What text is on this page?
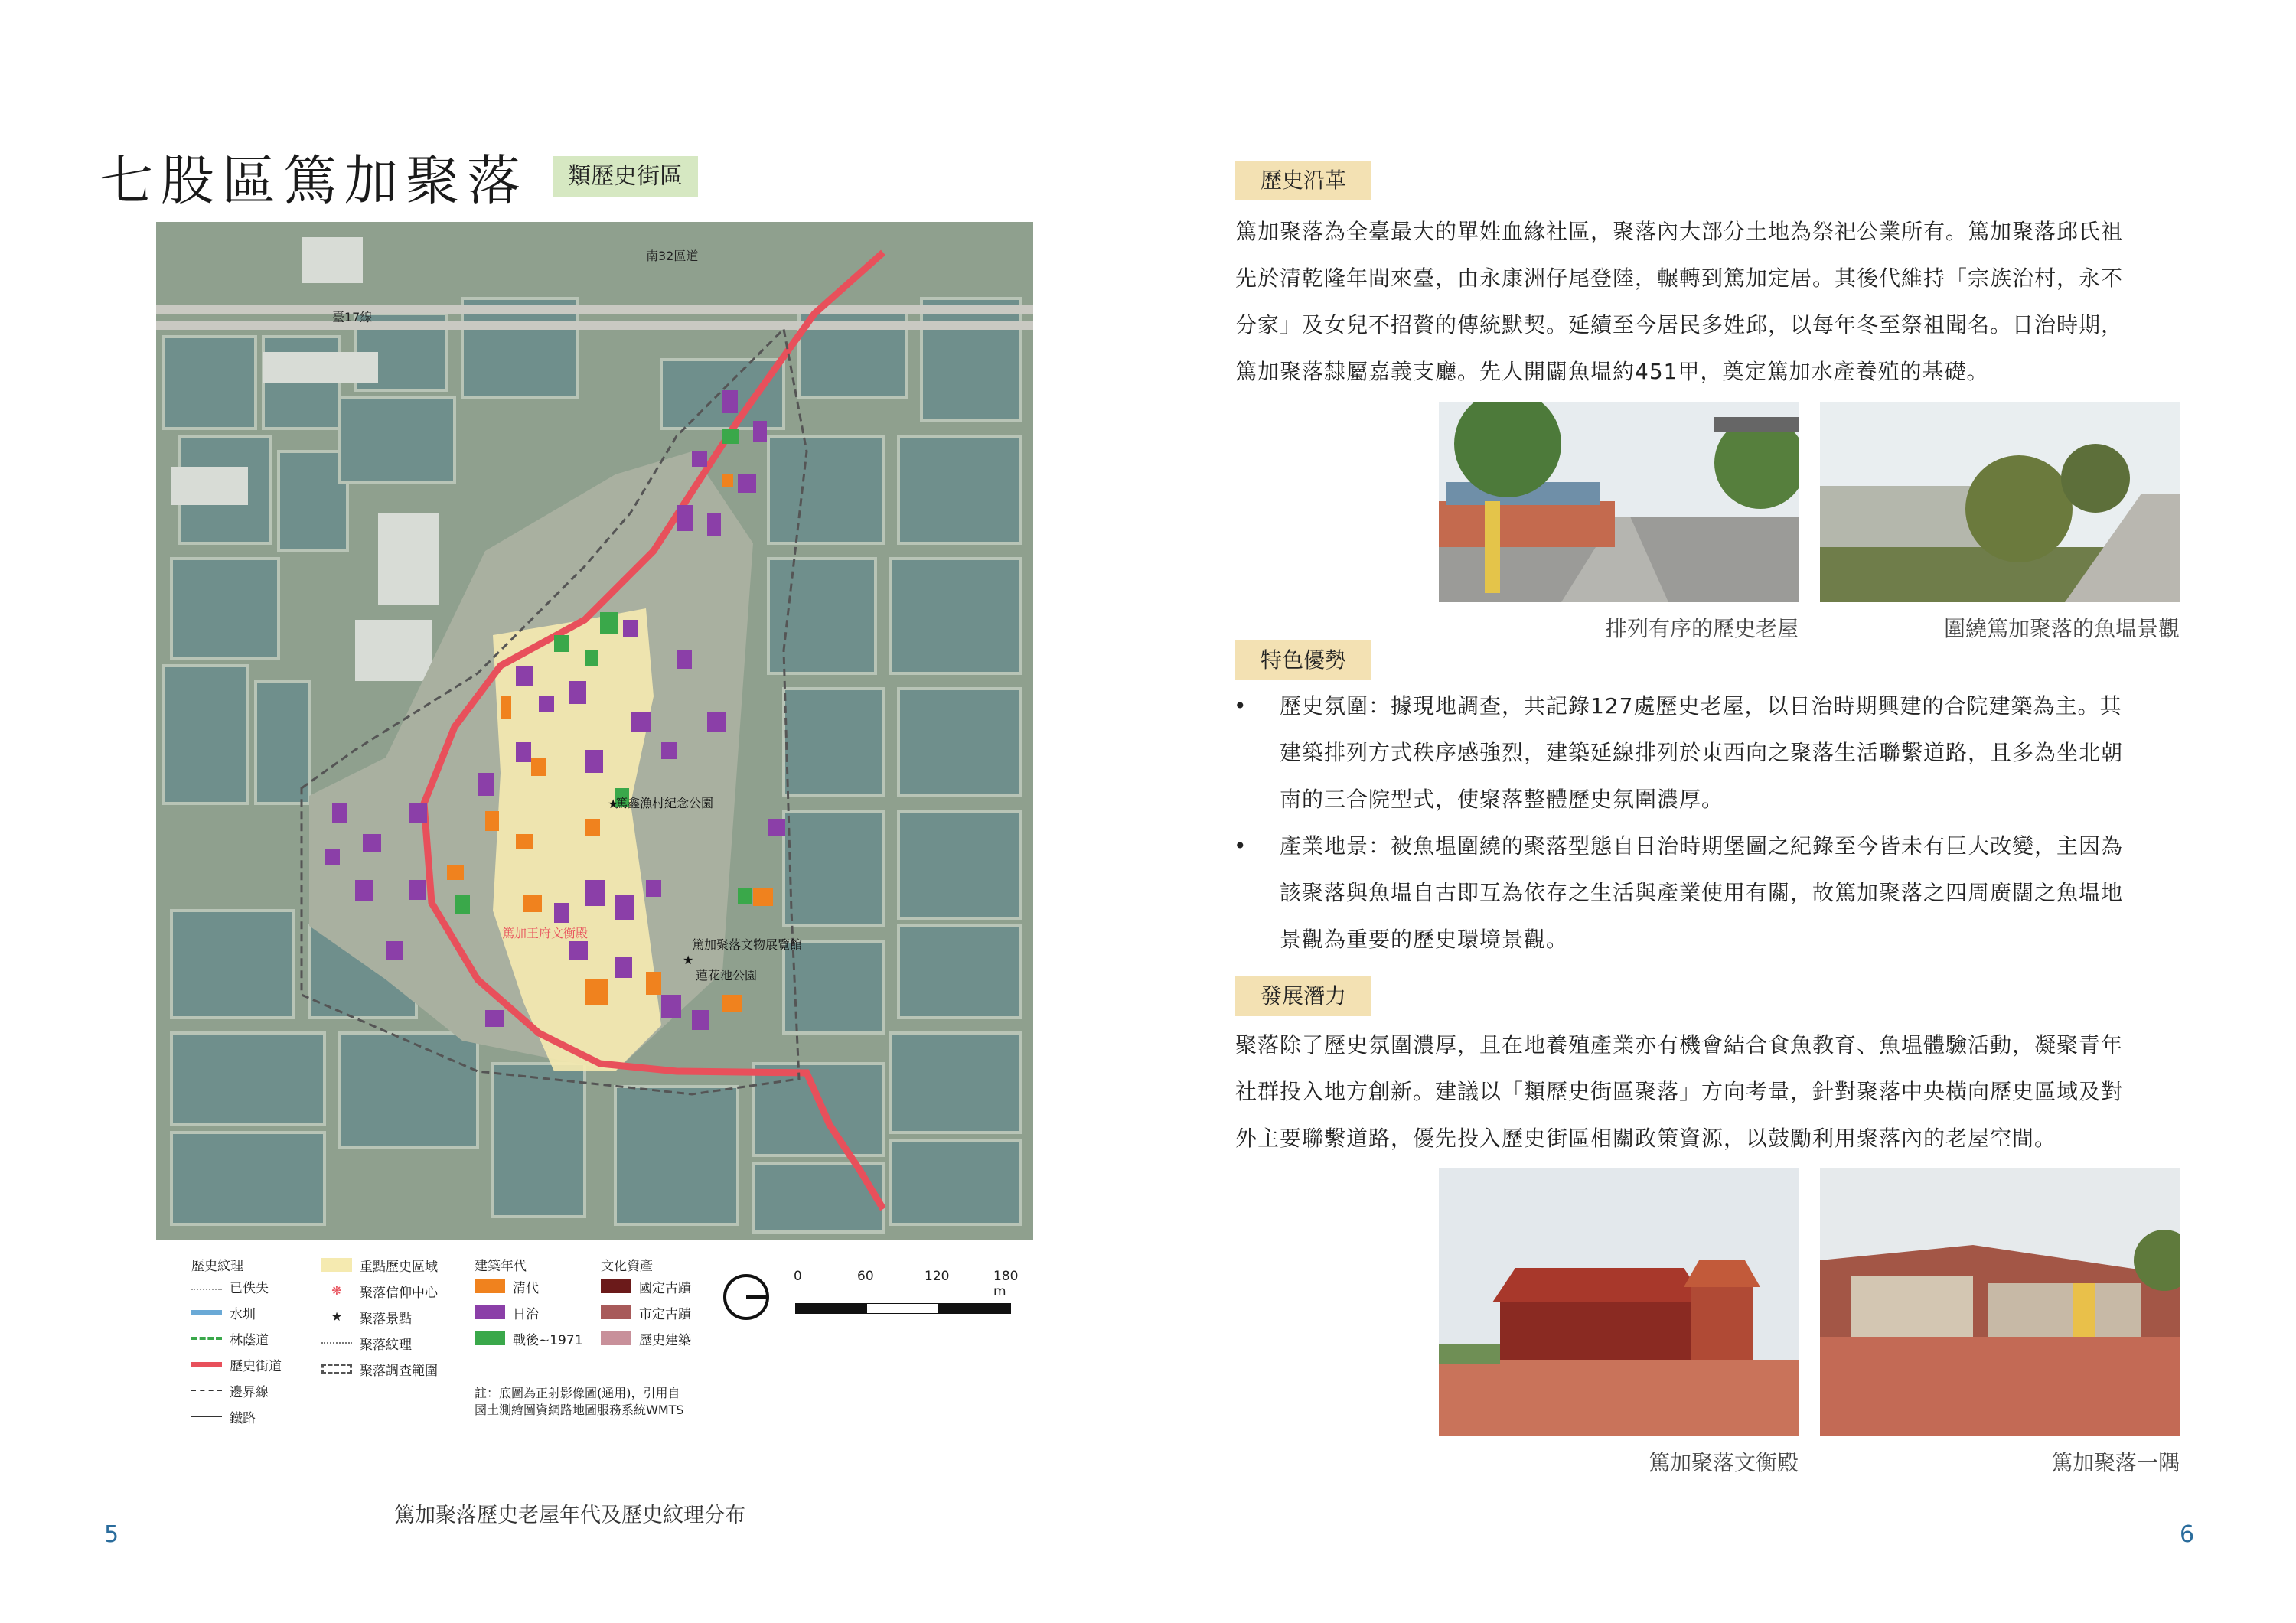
七股區篤加聚落	類歷史街區
臺17線
南32區道
篤鑫漁村紀念公園
篤加聚落文物展覽館
蓮花池公園
篤加王府文衡殿
★
★
歷史紋理
已佚失
水圳
林蔭道
歷史街道
邊界線
鐵路
重點歷史區域
❋	聚落信仰中心
★	聚落景點
聚落紋理
聚落調查範圍
建築年代
清代
日治
戰後~1971
文化資產
國定古蹟
市定古蹟
歷史建築
註：底圖為正射影像圖(通用)，引用自
國土測繪圖資網路地圖服務系統WMTS
0	60	120	180 m
篤加聚落歷史老屋年代及歷史紋理分布
5
歷史沿革
篤加聚落為全臺最大的單姓血緣社區，聚落內大部分土地為祭祀公業所有。篤加聚落邱氏祖
先於清乾隆年間來臺，由永康洲仔尾登陸，輾轉到篤加定居。其後代維持「宗族治村，永不
分家」及女兒不招贅的傳統默契。延續至今居民多姓邱，以每年冬至祭祖聞名。日治時期，
篤加聚落隸屬嘉義支廳。先人開闢魚塭約451甲，奠定篤加水產養殖的基礎。
排列有序的歷史老屋	圍繞篤加聚落的魚塭景觀
特色優勢
• 歷史氛圍：據現地調查，共記錄127處歷史老屋，以日治時期興建的合院建築為主。其
建築排列方式秩序感強烈，建築延線排列於東西向之聚落生活聯繫道路，且多為坐北朝
南的三合院型式，使聚落整體歷史氛圍濃厚。
• 產業地景：被魚塭圍繞的聚落型態自日治時期堡圖之紀錄至今皆未有巨大改變，主因為
該聚落與魚塭自古即互為依存之生活與產業使用有關，故篤加聚落之四周廣闊之魚塭地
景觀為重要的歷史環境景觀。
發展潛力
聚落除了歷史氛圍濃厚，且在地養殖產業亦有機會結合食魚教育、魚塭體驗活動，凝聚青年
社群投入地方創新。建議以「類歷史街區聚落」方向考量，針對聚落中央橫向歷史區域及對
外主要聯繫道路，優先投入歷史街區相關政策資源，以鼓勵利用聚落內的老屋空間。
篤加聚落文衡殿	篤加聚落一隅
6
